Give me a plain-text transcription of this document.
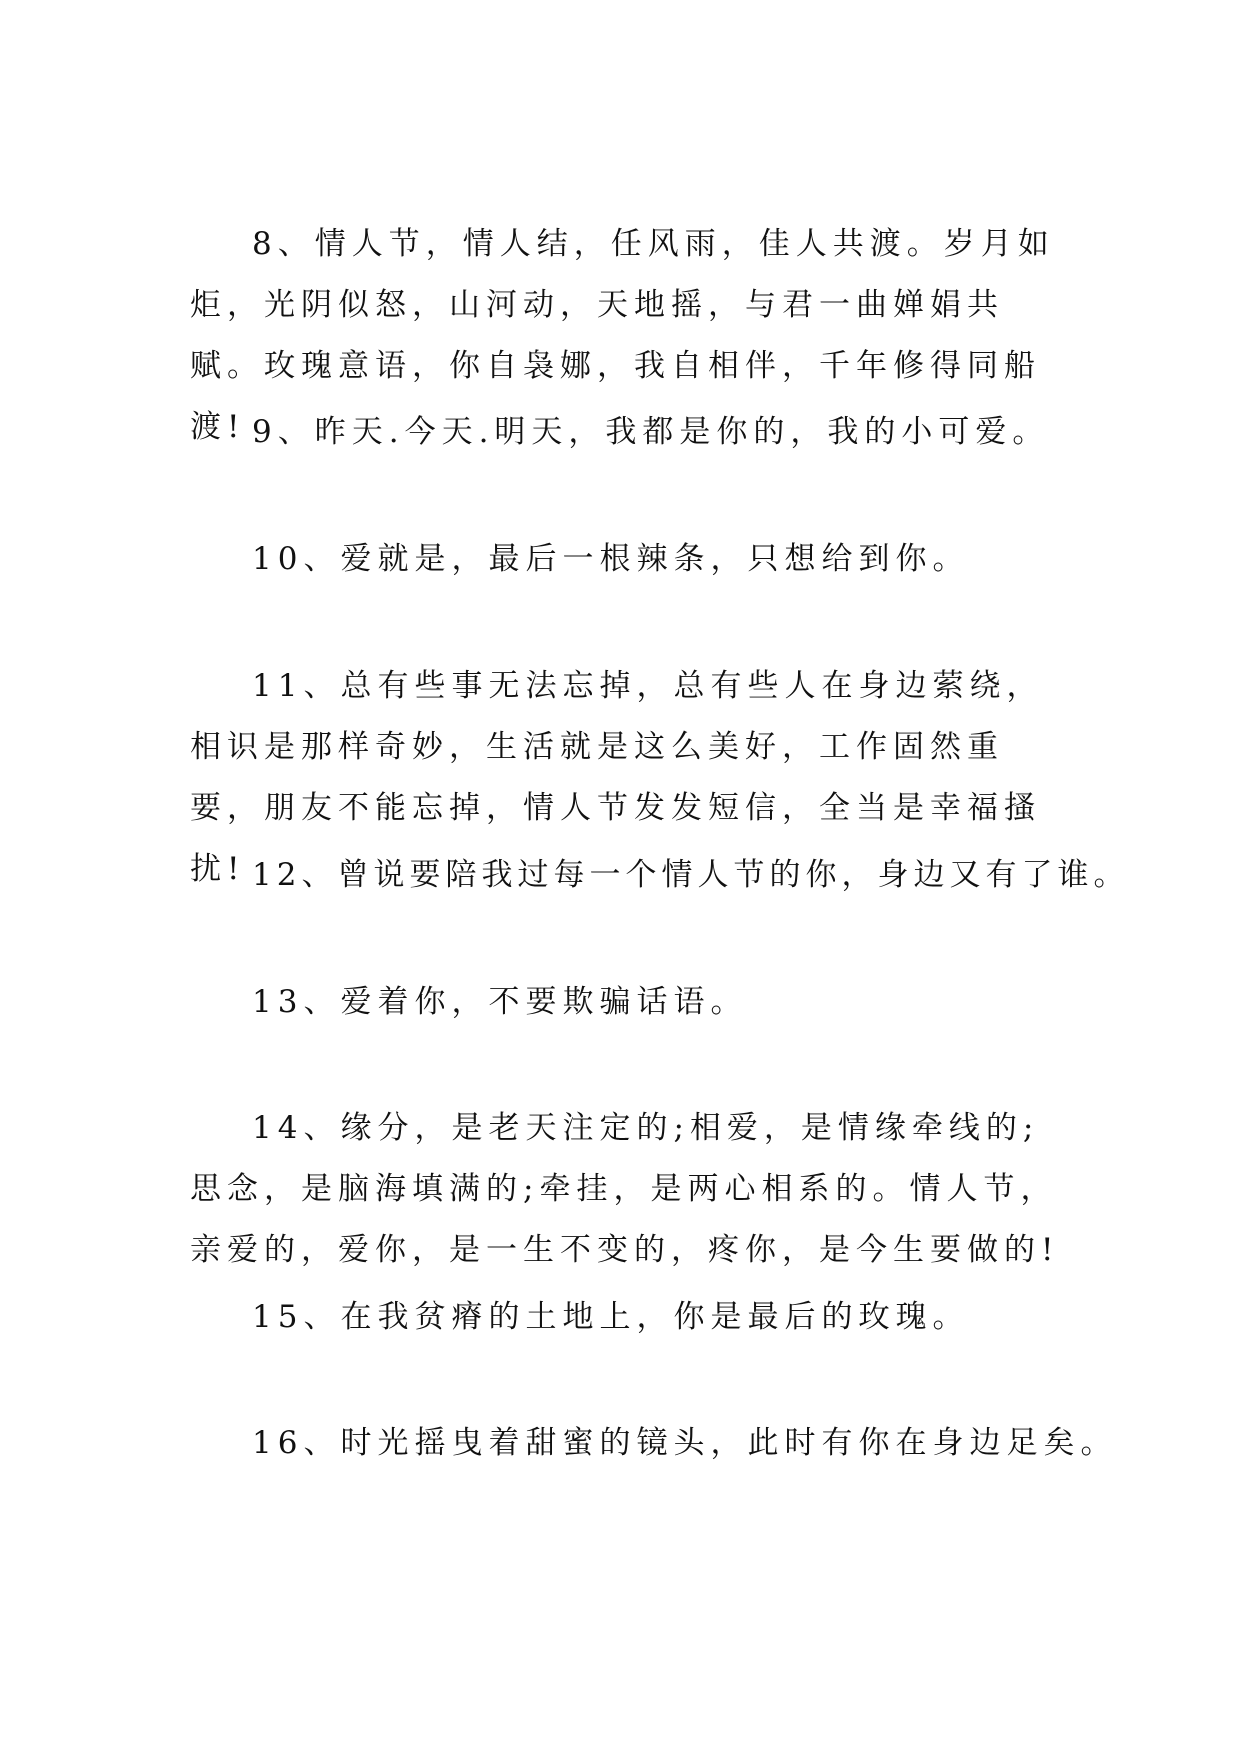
8、情人节，情人结，任风雨，佳人共渡。岁月如炬，光阴似怒，山河动，天地摇，与君一曲婵娟共赋。玫瑰意语，你自袅娜，我自相伴，千年修得同船渡! 9、昨天.今天.明天，我都是你的，我的小可爱。

10、爱就是，最后一根辣条，只想给到你。

11、总有些事无法忘掉，总有些人在身边萦绕，相识是那样奇妙，生活就是这么美好，工作固然重要，朋友不能忘掉，情人节发发短信，全当是幸福搔扰! 12、曾说要陪我过每一个情人节的你，身边又有了谁。

13、爱着你，不要欺骗话语。

14、缘分，是老天注定的;相爱，是情缘牵线的;思念，是脑海填满的;牵挂，是两心相系的。情人节，亲爱的，爱你，是一生不变的，疼你，是今生要做的!

15、在我贫瘠的土地上，你是最后的玫瑰。

16、时光摇曳着甜蜜的镜头，此时有你在身边足矣。
